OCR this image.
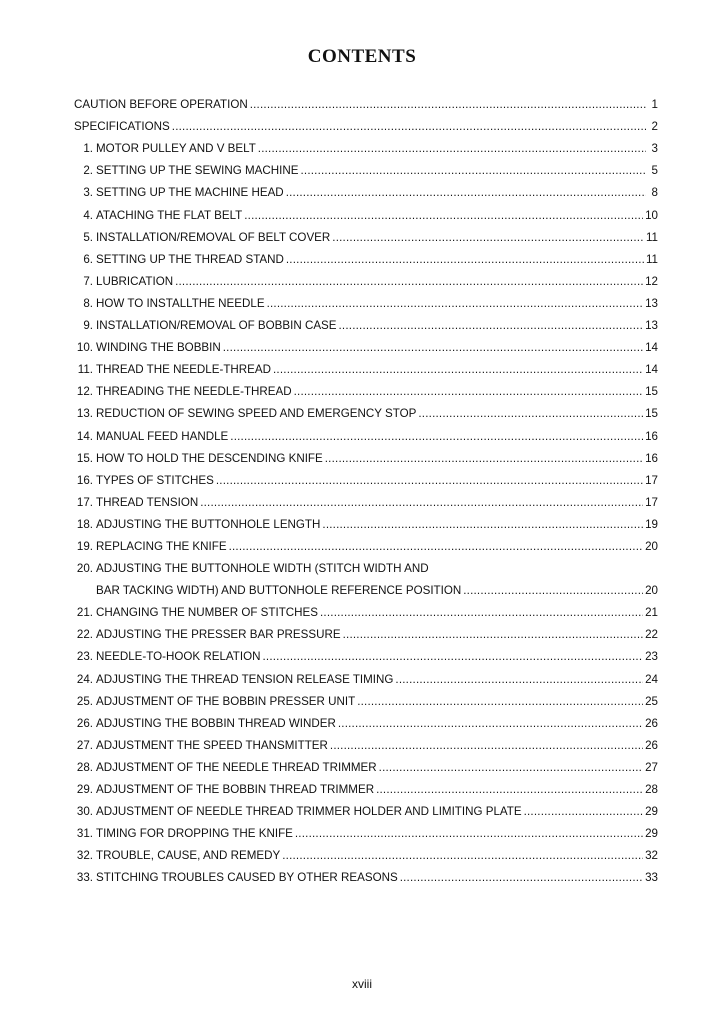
CONTENTS
CAUTION BEFORE OPERATION .....	1
SPECIFICATIONS .....	2
1. MOTOR PULLEY AND V BELT .....	3
2. SETTING UP THE SEWING MACHINE .....	5
3. SETTING UP THE MACHINE HEAD .....	8
4. ATACHING THE FLAT BELT .....	10
5. INSTALLATION/REMOVAL OF BELT COVER .....	11
6. SETTING UP THE THREAD STAND .....	11
7. LUBRICATION .....	12
8. HOW TO INSTALLTHE NEEDLE .....	13
9. INSTALLATION/REMOVAL OF BOBBIN CASE .....	13
10. WINDING THE BOBBIN .....	14
11. THREAD THE NEEDLE-THREAD .....	14
12. THREADING THE NEEDLE-THREAD .....	15
13. REDUCTION OF SEWING SPEED AND EMERGENCY STOP .....	15
14. MANUAL FEED HANDLE .....	16
15. HOW TO HOLD THE DESCENDING KNIFE .....	16
16. TYPES OF STITCHES .....	17
17. THREAD TENSION .....	17
18. ADJUSTING THE BUTTONHOLE LENGTH .....	19
19. REPLACING THE KNIFE .....	20
20. ADJUSTING THE BUTTONHOLE WIDTH (STITCH WIDTH AND
BAR TACKING WIDTH) AND BUTTONHOLE REFERENCE POSITION .....	20
21. CHANGING THE NUMBER OF STITCHES .....	21
22. ADJUSTING THE PRESSER BAR PRESSURE .....	22
23. NEEDLE-TO-HOOK RELATION .....	23
24. ADJUSTING THE THREAD TENSION RELEASE TIMING .....	24
25. ADJUSTMENT OF THE BOBBIN PRESSER UNIT .....	25
26. ADJUSTING THE BOBBIN THREAD WINDER .....	26
27. ADJUSTMENT THE SPEED THANSMITTER .....	26
28. ADJUSTMENT OF THE NEEDLE THREAD TRIMMER .....	27
29. ADJUSTMENT OF THE BOBBIN THREAD TRIMMER .....	28
30. ADJUSTMENT OF NEEDLE THREAD TRIMMER HOLDER AND LIMITING PLATE .....	29
31. TIMING FOR DROPPING THE KNIFE .....	29
32. TROUBLE, CAUSE, AND REMEDY .....	32
33. STITCHING TROUBLES CAUSED BY OTHER REASONS .....	33
xviii
